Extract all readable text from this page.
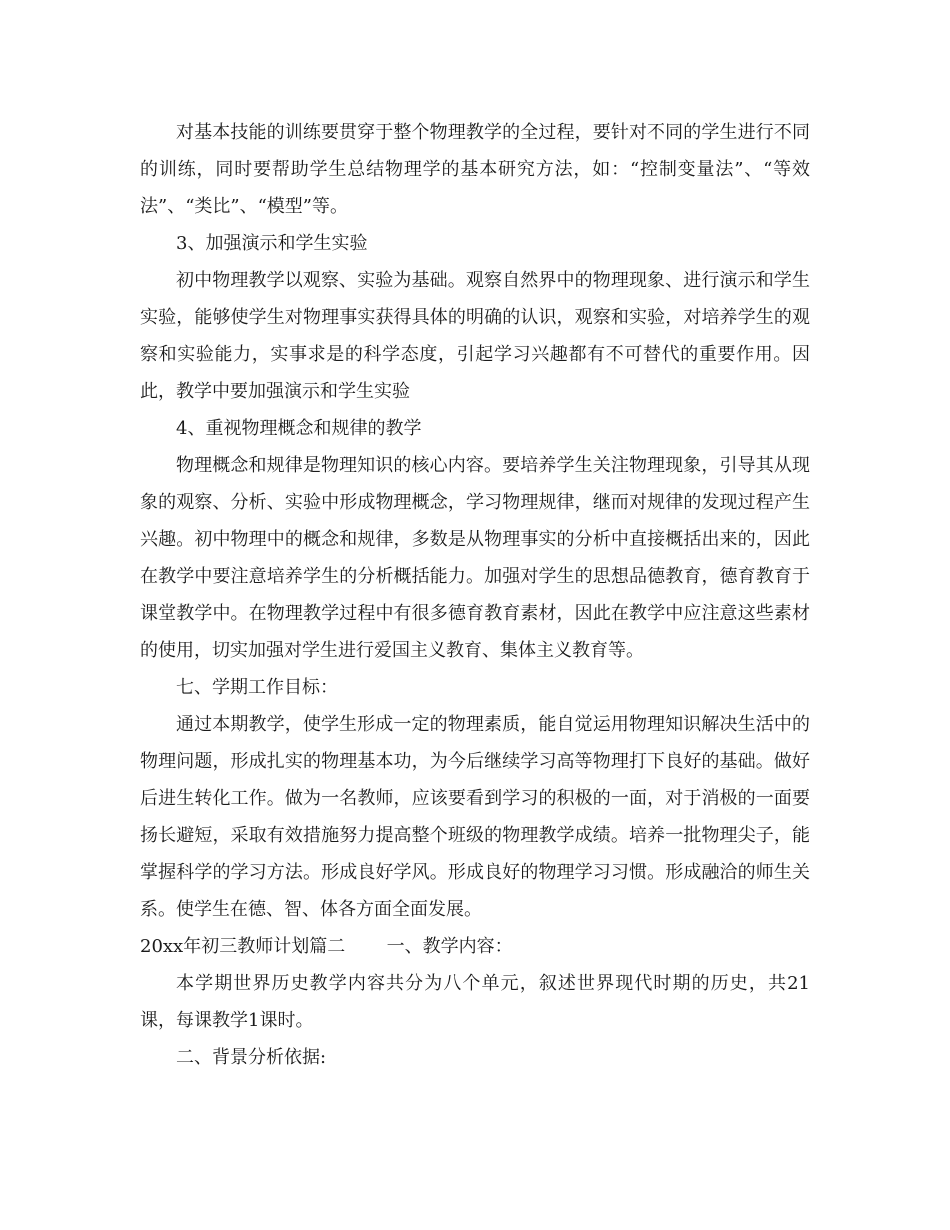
对基本技能的训练要贯穿于整个物理教学的全过程，要针对不同的学生进行不同的训练，同时要帮助学生总结物理学的基本研究方法，如：“控制变量法”、“等效法”、“类比”、“模型”等。

3、加强演示和学生实验

初中物理教学以观察、实验为基础。观察自然界中的物理现象、进行演示和学生实验，能够使学生对物理事实获得具体的明确的认识，观察和实验，对培养学生的观察和实验能力，实事求是的科学态度，引起学习兴趣都有不可替代的重要作用。因此，教学中要加强演示和学生实验

4、重视物理概念和规律的教学

物理概念和规律是物理知识的核心内容。要培养学生关注物理现象，引导其从现象的观察、分析、实验中形成物理概念，学习物理规律，继而对规律的发现过程产生兴趣。初中物理中的概念和规律，多数是从物理事实的分析中直接概括出来的，因此在教学中要注意培养学生的分析概括能力。加强对学生的思想品德教育，德育教育于课堂教学中。在物理教学过程中有很多德育教育素材，因此在教学中应注意这些素材的使用，切实加强对学生进行爱国主义教育、集体主义教育等。

七、学期工作目标：

通过本期教学，使学生形成一定的物理素质，能自觉运用物理知识解决生活中的物理问题，形成扎实的物理基本功，为今后继续学习高等物理打下良好的基础。做好后进生转化工作。做为一名教师，应该要看到学习的积极的一面，对于消极的一面要扬长避短，采取有效措施努力提高整个班级的物理教学成绩。培养一批物理尖子，能掌握科学的学习方法。形成良好学风。形成良好的物理学习习惯。形成融洽的师生关系。使学生在德、智、体各方面全面发展。

20xx年初三教师计划篇二 一、教学内容：

本学期世界历史教学内容共分为八个单元，叙述世界现代时期的历史，共21课，每课教学1课时。

二、背景分析依据:
